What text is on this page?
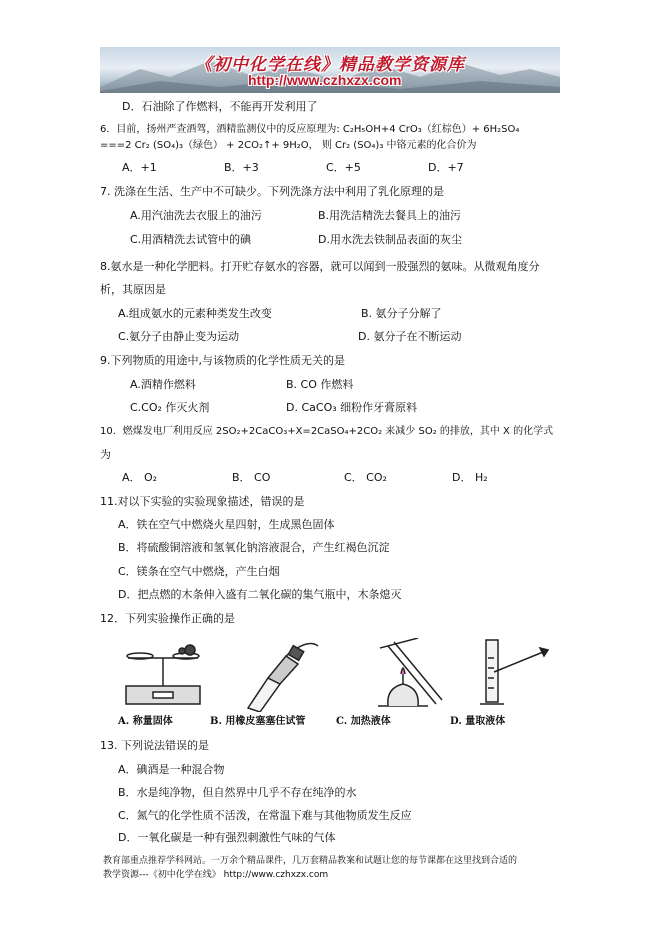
《初中化学在线》精品教学资源库
http://www.czhxzx.com
D．石油除了作燃料，不能再开发利用了
6．目前，扬州严查酒驾，酒精监测仪中的反应原理为: C₂H₅OH+4 CrO₃（红棕色）+ 6H₂SO₄
===2 Cr₂ (SO₄)₃（绿色） + 2CO₂↑+ 9H₂O， 则 Cr₂ (SO₄)₃ 中铬元素的化合价为
A．+1	B．+3	C．+5	D．+7
7. 洗涤在生活、生产中不可缺少。下列洗涤方法中利用了乳化原理的是
A.用汽油洗去衣服上的油污	B.用洗洁精洗去餐具上的油污
C.用酒精洗去试管中的碘	D.用水洗去铁制品表面的灰尘
8.氨水是一种化学肥料。打开贮存氨水的容器，就可以闻到一股强烈的氨味。从微观角度分
析，其原因是
A.组成氨水的元素种类发生改变	B. 氨分子分解了
C.氨分子由静止变为运动	D. 氨分子在不断运动
9.下列物质的用途中,与该物质的化学性质无关的是
A.酒精作燃料	B. CO 作燃料
C.CO₂ 作灭火剂	D. CaCO₃ 细粉作牙膏原料
10．燃煤发电厂利用反应 2SO₂+2CaCO₃+X=2CaSO₄+2CO₂ 来减少 SO₂ 的排放，其中 X 的化学式
为
A． O₂	B． CO	C． CO₂	D． H₂
11.对以下实验的实验现象描述，错误的是
A．铁在空气中燃烧火星四射，生成黑色固体
B．将硫酸铜溶液和氢氧化钠溶液混合，产生红褐色沉淀
C．镁条在空气中燃烧，产生白烟
D．把点燃的木条伸入盛有二氧化碳的集气瓶中，木条熄灭
12．下列实验操作正确的是
A. 称量固体	B. 用橡皮塞塞住试管	C. 加热液体	D. 量取液体
13. 下列说法错误的是
A．碘酒是一种混合物
B．水是纯净物，但自然界中几乎不存在纯净的水
C．氮气的化学性质不活泼，在常温下难与其他物质发生反应
D．一氧化碳是一种有强烈刺激性气味的气体
教育部重点推荐学科网站。一万余个精品课件，几万套精品教案和试题让您的每节课都在这里找到合适的
教学资源---《初中化学在线》 http://www.czhxzx.com
